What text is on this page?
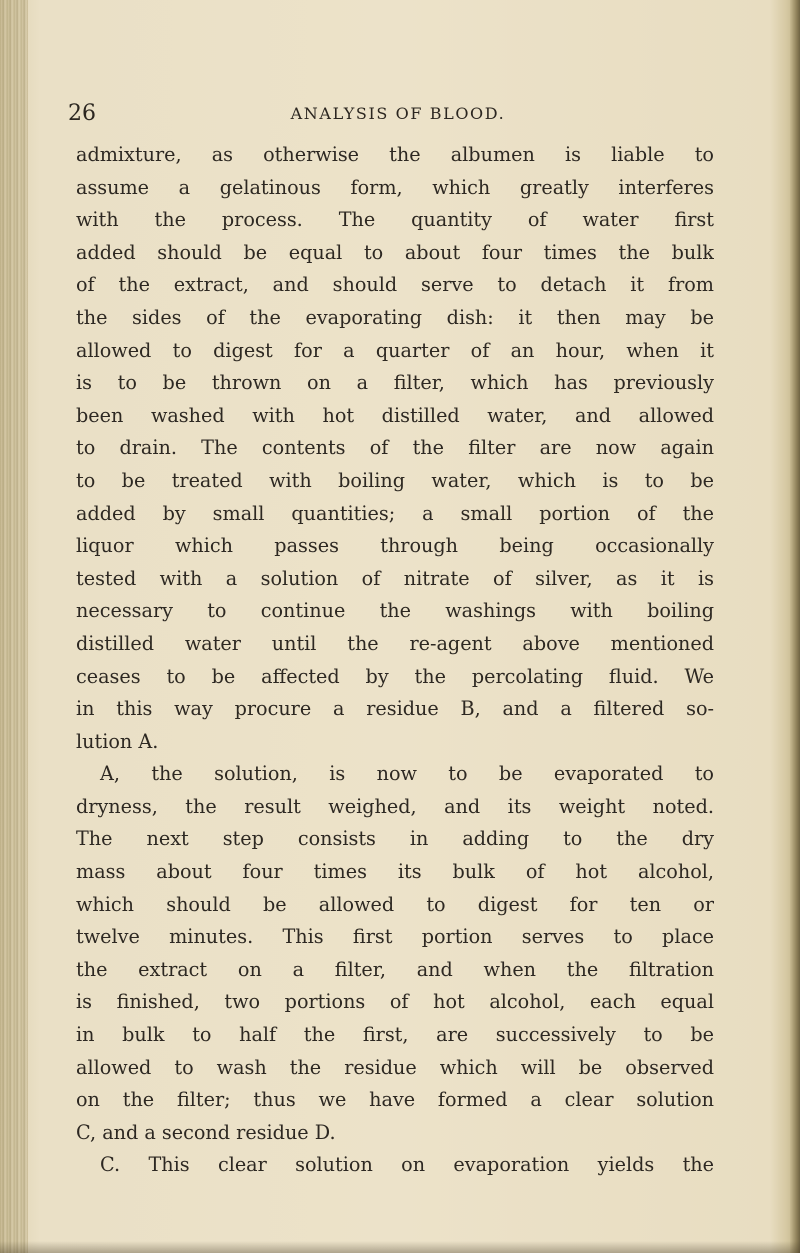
26	ANALYSIS OF BLOOD.
admixture, as otherwise the albumen is liable to
assume a gelatinous form, which greatly interferes
with the process. The quantity of water first
added should be equal to about four times the bulk
of the extract, and should serve to detach it from
the sides of the evaporating dish: it then may be
allowed to digest for a quarter of an hour, when it
is to be thrown on a filter, which has previously
been washed with hot distilled water, and allowed
to drain. The contents of the filter are now again
to be treated with boiling water, which is to be
added by small quantities; a small portion of the
liquor which passes through being occasionally
tested with a solution of nitrate of silver, as it is
necessary to continue the washings with boiling
distilled water until the re-agent above mentioned
ceases to be affected by the percolating fluid. We
in this way procure a residue B, and a filtered so-
lution A.
A, the solution, is now to be evaporated to
dryness, the result weighed, and its weight noted.
The next step consists in adding to the dry
mass about four times its bulk of hot alcohol,
which should be allowed to digest for ten or
twelve minutes. This first portion serves to place
the extract on a filter, and when the filtration
is finished, two portions of hot alcohol, each equal
in bulk to half the first, are successively to be
allowed to wash the residue which will be observed
on the filter; thus we have formed a clear solution
C, and a second residue D.
C. This clear solution on evaporation yields the
